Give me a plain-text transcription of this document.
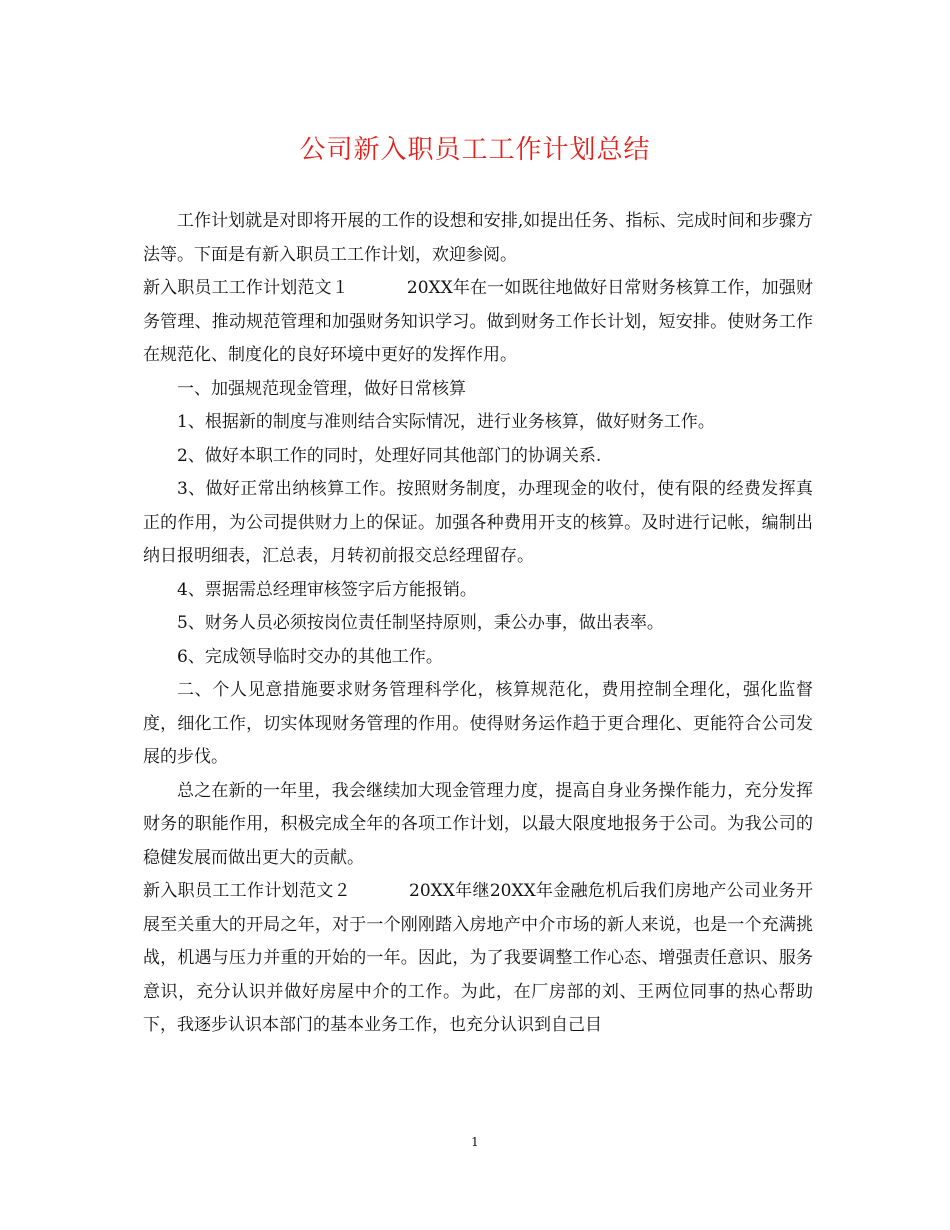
公司新入职员工工作计划总结

工作计划就是对即将开展的工作的设想和安排,如提出任务、指标、完成时间和步骤方法等。下面是有新入职员工工作计划，欢迎参阅。

新入职员工工作计划范文１	20XX年在一如既往地做好日常财务核算工作，加强财务管理、推动规范管理和加强财务知识学习。做到财务工作长计划，短安排。使财务工作在规范化、制度化的良好环境中更好的发挥作用。

一、加强规范现金管理，做好日常核算

1、根据新的制度与准则结合实际情况，进行业务核算，做好财务工作。

2、做好本职工作的同时，处理好同其他部门的协调关系.

3、做好正常出纳核算工作。按照财务制度，办理现金的收付，使有限的经费发挥真正的作用，为公司提供财力上的保证。加强各种费用开支的核算。及时进行记帐，编制出纳日报明细表，汇总表，月转初前报交总经理留存。

4、票据需总经理审核签字后方能报销。

5、财务人员必须按岗位责任制坚持原则，秉公办事，做出表率。

6、完成领导临时交办的其他工作。

二、个人见意措施要求财务管理科学化，核算规范化，费用控制全理化，强化监督度，细化工作，切实体现财务管理的作用。使得财务运作趋于更合理化、更能符合公司发展的步伐。

总之在新的一年里，我会继续加大现金管理力度，提高自身业务操作能力，充分发挥财务的职能作用，积极完成全年的各项工作计划，以最大限度地报务于公司。为我公司的稳健发展而做出更大的贡献。

新入职员工工作计划范文２	20XX年继20XX年金融危机后我们房地产公司业务开展至关重大的开局之年，对于一个刚刚踏入房地产中介市场的新人来说，也是一个充满挑战，机遇与压力并重的开始的一年。因此，为了我要调整工作心态、增强责任意识、服务意识，充分认识并做好房屋中介的工作。为此，在厂房部的刘、王两位同事的热心帮助下，我逐步认识本部门的基本业务工作，也充分认识到自己目

1
